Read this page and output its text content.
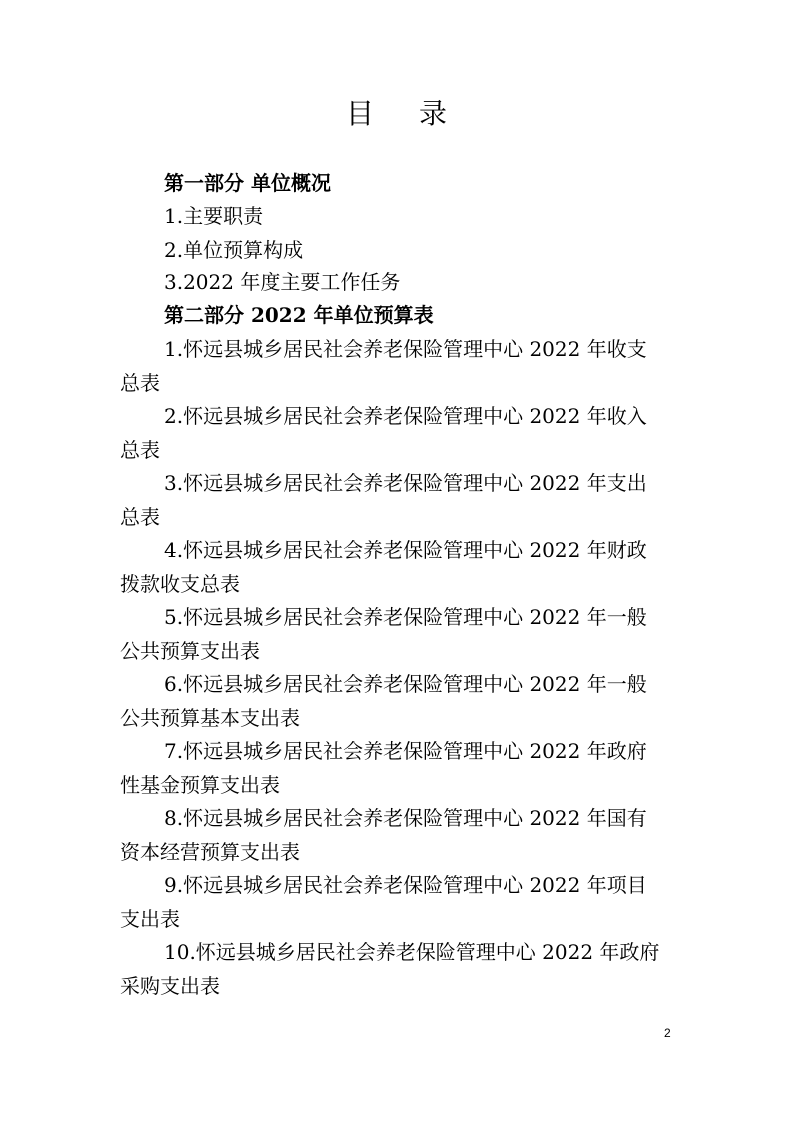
目 录
第一部分 单位概况
1.主要职责
2.单位预算构成
3.2022 年度主要工作任务
第二部分 2022 年单位预算表
1.怀远县城乡居民社会养老保险管理中心 2022 年收支
总表
2.怀远县城乡居民社会养老保险管理中心 2022 年收入
总表
3.怀远县城乡居民社会养老保险管理中心 2022 年支出
总表
4.怀远县城乡居民社会养老保险管理中心 2022 年财政
拨款收支总表
5.怀远县城乡居民社会养老保险管理中心 2022 年一般
公共预算支出表
6.怀远县城乡居民社会养老保险管理中心 2022 年一般
公共预算基本支出表
7.怀远县城乡居民社会养老保险管理中心 2022 年政府
性基金预算支出表
8.怀远县城乡居民社会养老保险管理中心 2022 年国有
资本经营预算支出表
9.怀远县城乡居民社会养老保险管理中心 2022 年项目
支出表
10.怀远县城乡居民社会养老保险管理中心 2022 年政府
采购支出表
2
